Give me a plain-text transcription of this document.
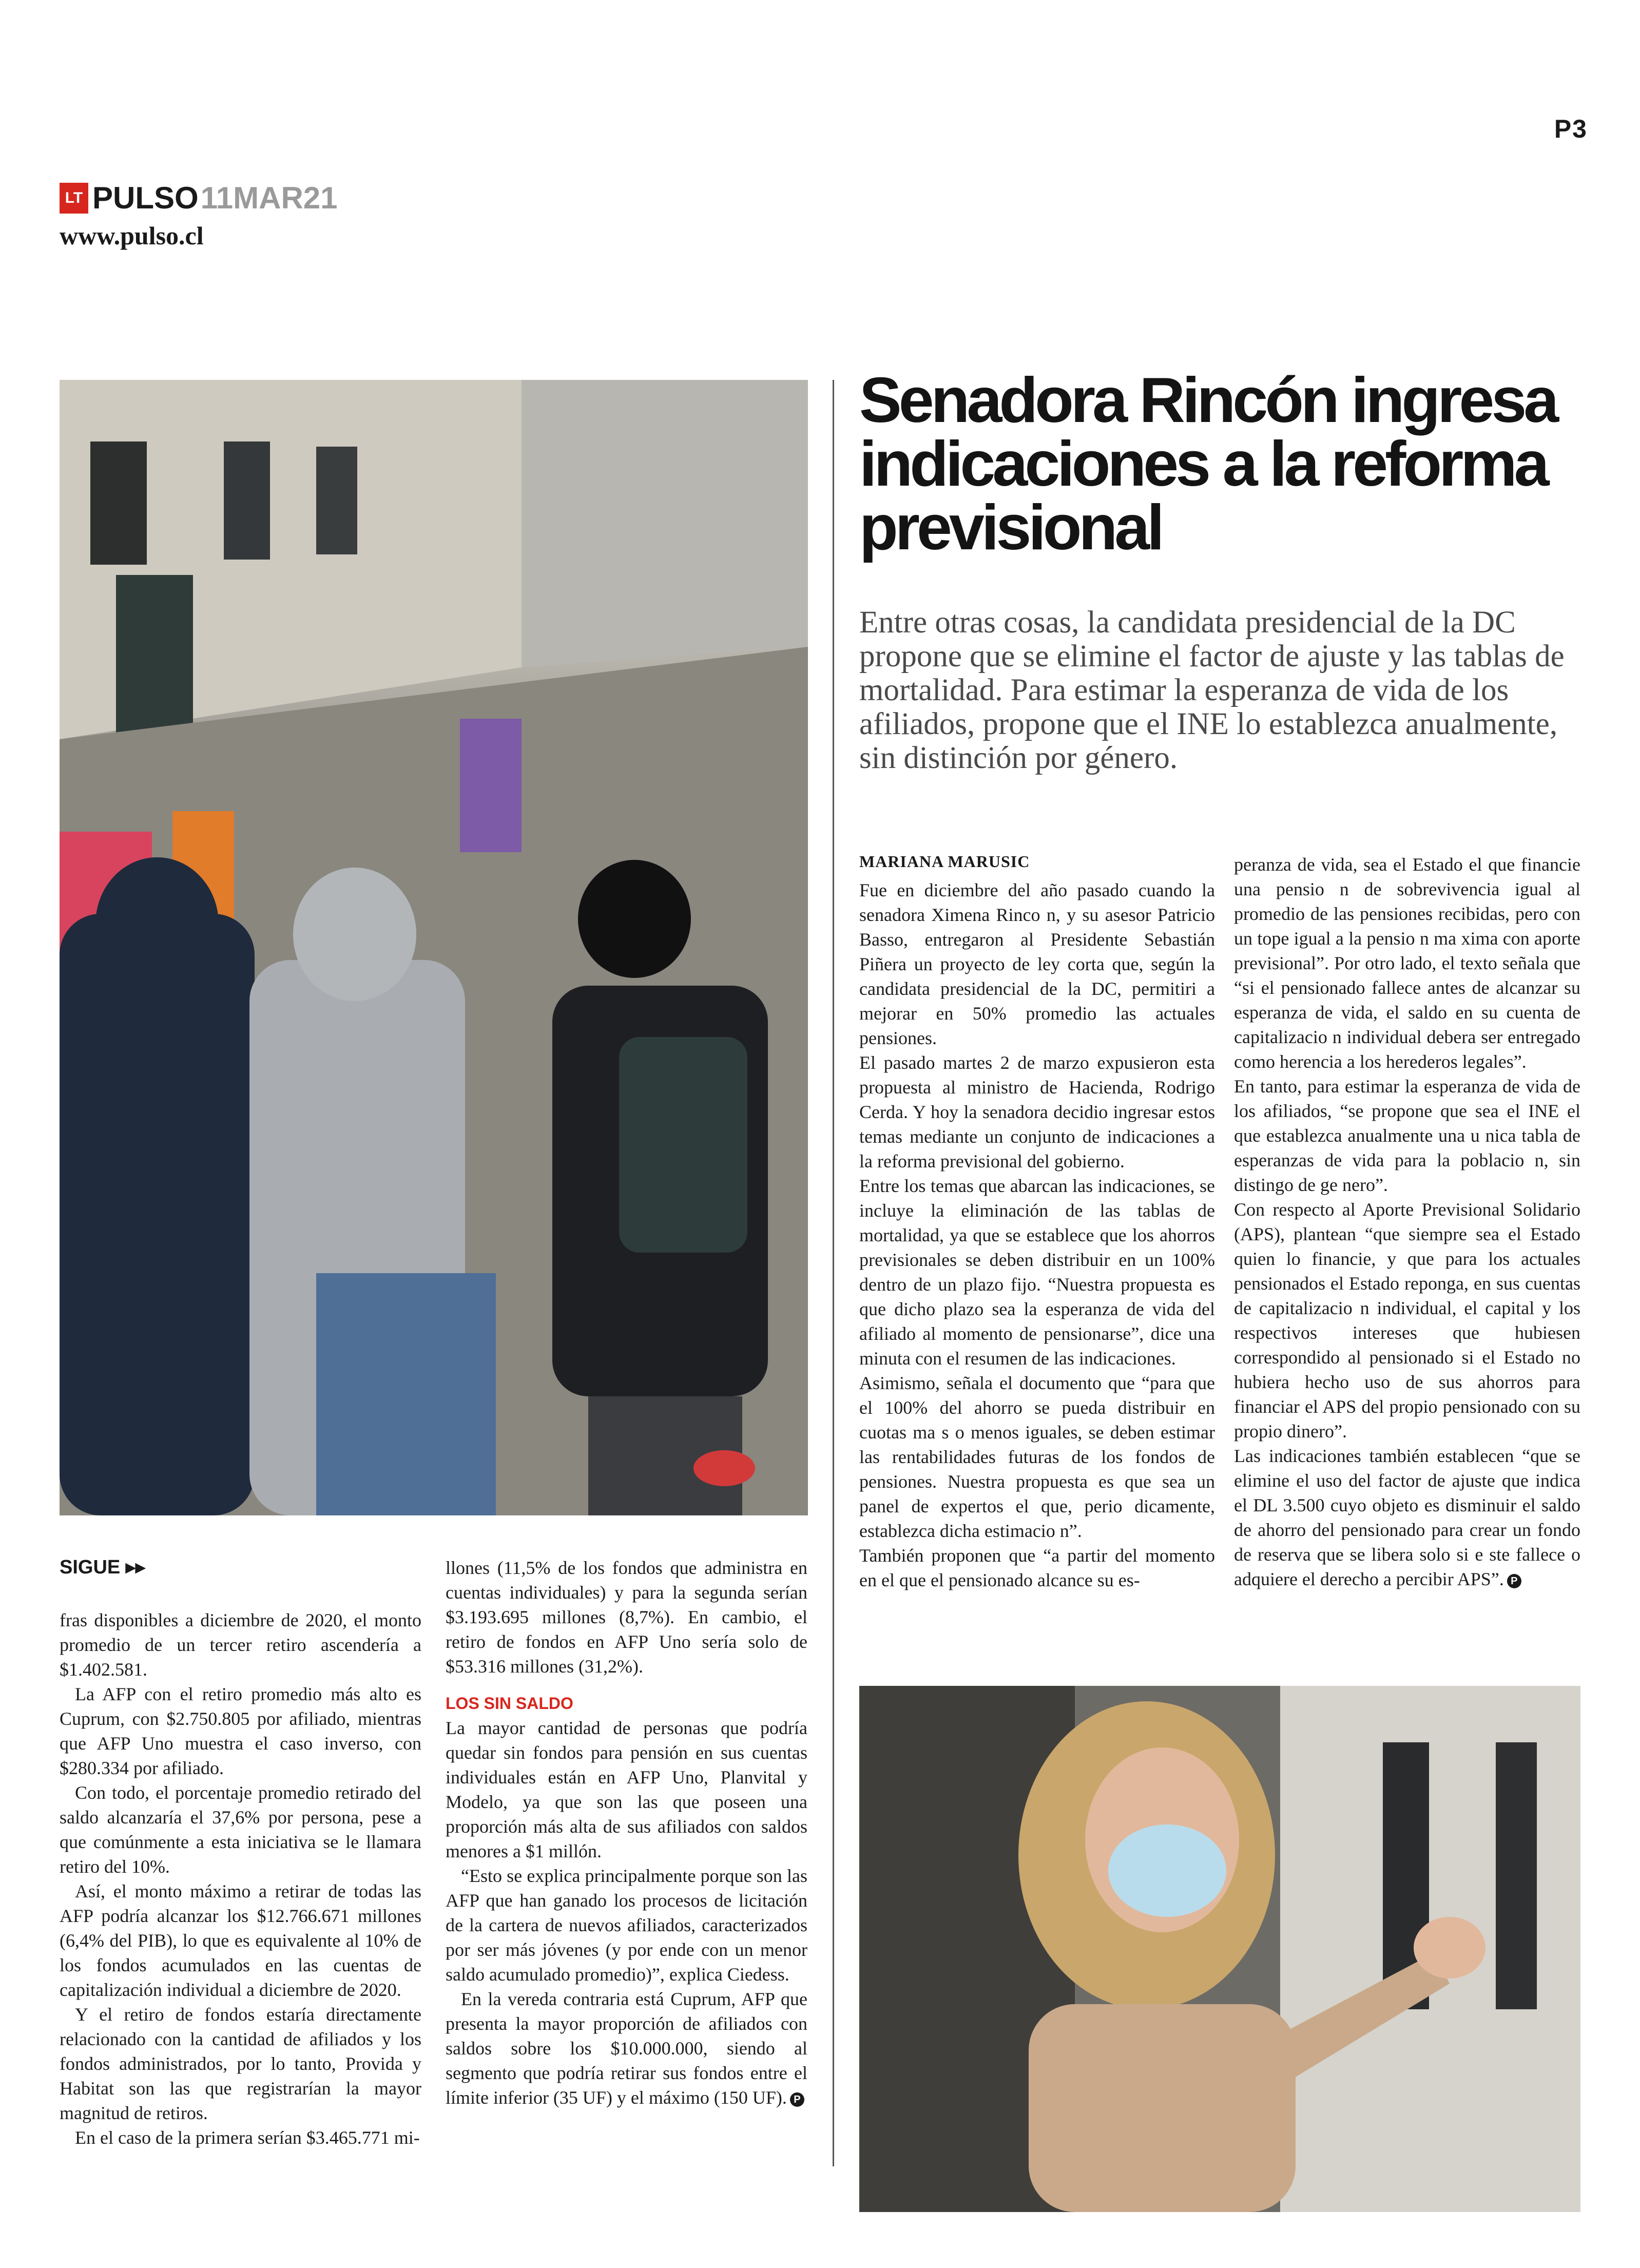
P3
LT PULSO 11MAR21
www.pulso.cl
Senadora Rincón ingresa indicaciones a la reforma previsional
Entre otras cosas, la candidata presidencial de la DC propone que se elimine el factor de ajuste y las tablas de mortalidad. Para estimar la esperanza de vida de los afiliados, propone que el INE lo establezca anualmente, sin distinción por género.
MARIANA MARUSIC

Fue en diciembre del año pasado cuando la senadora Ximena Rinco n, y su asesor Patricio Basso, entregaron al Presidente Sebastián Piñera un proyecto de ley corta que, según la candidata presidencial de la DC, permitiri a mejorar en 50% promedio las actuales pensiones.

El pasado martes 2 de marzo expusieron esta propuesta al ministro de Hacienda, Rodrigo Cerda. Y hoy la senadora decidio ingresar estos temas mediante un conjunto de indicaciones a la reforma previsional del gobierno.

Entre los temas que abarcan las indicaciones, se incluye la eliminación de las tablas de mortalidad, ya que se establece que los ahorros previsionales se deben distribuir en un 100% dentro de un plazo fijo. “Nuestra propuesta es que dicho plazo sea la esperanza de vida del afiliado al momento de pensionarse”, dice una minuta con el resumen de las indicaciones.

Asimismo, señala el documento que “para que el 100% del ahorro se pueda distribuir en cuotas ma s o menos iguales, se deben estimar las rentabilidades futuras de los fondos de pensiones. Nuestra propuesta es que sea un panel de expertos el que, perio dicamente, establezca dicha estimacio n”.

También proponen que “a partir del momento en el que el pensionado alcance su es-

peranza de vida, sea el Estado el que financie una pensio n de sobrevivencia igual al promedio de las pensiones recibidas, pero con un tope igual a la pensio n ma xima con aporte previsional”. Por otro lado, el texto señala que “si el pensionado fallece antes de alcanzar su esperanza de vida, el saldo en su cuenta de capitalizacio n individual debera ser entregado como herencia a los herederos legales”.

En tanto, para estimar la esperanza de vida de los afiliados, “se propone que sea el INE el que establezca anualmente una u nica tabla de esperanzas de vida para la poblacio n, sin distingo de ge nero”.

Con respecto al Aporte Previsional Solidario (APS), plantean “que siempre sea el Estado quien lo financie, y que para los actuales pensionados el Estado reponga, en sus cuentas de capitalizacio n individual, el capital y los respectivos intereses que hubiesen correspondido al pensionado si el Estado no hubiera hecho uso de sus ahorros para financiar el APS del propio pensionado con su propio dinero”.

Las indicaciones también establecen “que se elimine el uso del factor de ajuste que indica el DL 3.500 cuyo objeto es disminuir el saldo de ahorro del pensionado para crear un fondo de reserva que se libera solo si e ste fallece o adquiere el derecho a percibir APS”. P

SIGUE ▸▸

fras disponibles a diciembre de 2020, el monto promedio de un tercer retiro ascendería a $1.402.581.

La AFP con el retiro promedio más alto es Cuprum, con $2.750.805 por afiliado, mientras que AFP Uno muestra el caso inverso, con $280.334 por afiliado.

Con todo, el porcentaje promedio retirado del saldo alcanzaría el 37,6% por persona, pese a que comúnmente a esta iniciativa se le llamara retiro del 10%.

Así, el monto máximo a retirar de todas las AFP podría alcanzar los $12.766.671 millones (6,4% del PIB), lo que es equivalente al 10% de los fondos acumulados en las cuentas de capitalización individual a diciembre de 2020.

Y el retiro de fondos estaría directamente relacionado con la cantidad de afiliados y los fondos administrados, por lo tanto, Provida y Habitat son las que registrarían la mayor magnitud de retiros.

En el caso de la primera serían $3.465.771 mi-

llones (11,5% de los fondos que administra en cuentas individuales) y para la segunda serían $3.193.695 millones (8,7%). En cambio, el retiro de fondos en AFP Uno sería solo de $53.316 millones (31,2%).

LOS SIN SALDO

La mayor cantidad de personas que podría quedar sin fondos para pensión en sus cuentas individuales están en AFP Uno, Planvital y Modelo, ya que son las que poseen una proporción más alta de sus afiliados con saldos menores a $1 millón.

“Esto se explica principalmente porque son las AFP que han ganado los procesos de licitación de la cartera de nuevos afiliados, caracterizados por ser más jóvenes (y por ende con un menor saldo acumulado promedio)”, explica Ciedess.

En la vereda contraria está Cuprum, AFP que presenta la mayor proporción de afiliados con saldos sobre los $10.000.000, siendo al segmento que podría retirar sus fondos entre el límite inferior (35 UF) y el máximo (150 UF). P
